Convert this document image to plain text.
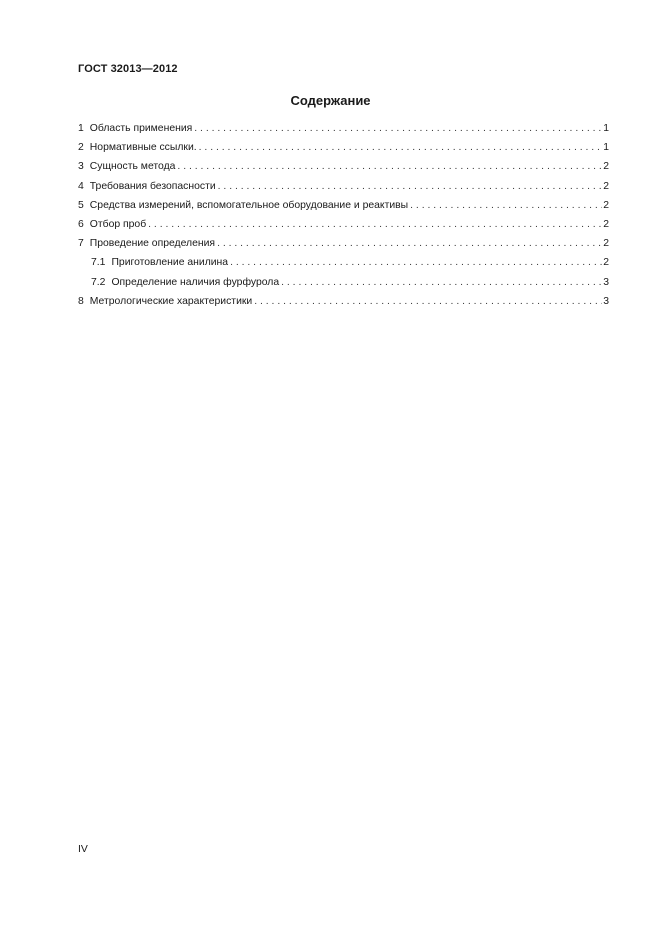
ГОСТ 32013—2012
Содержание
1 Область применения . . .	1
2 Нормативные ссылки. . . .	1
3 Сущность метода . . .	2
4 Требования безопасности . . .	2
5 Средства измерений, вспомогательное оборудование и реактивы . . .	2
6 Отбор проб . . .	2
7 Проведение определения . . .	2
7.1 Приготовление анилина . . .	2
7.2 Определение наличия фурфурола . . .	3
8 Метрологические характеристики . . .	3
IV
